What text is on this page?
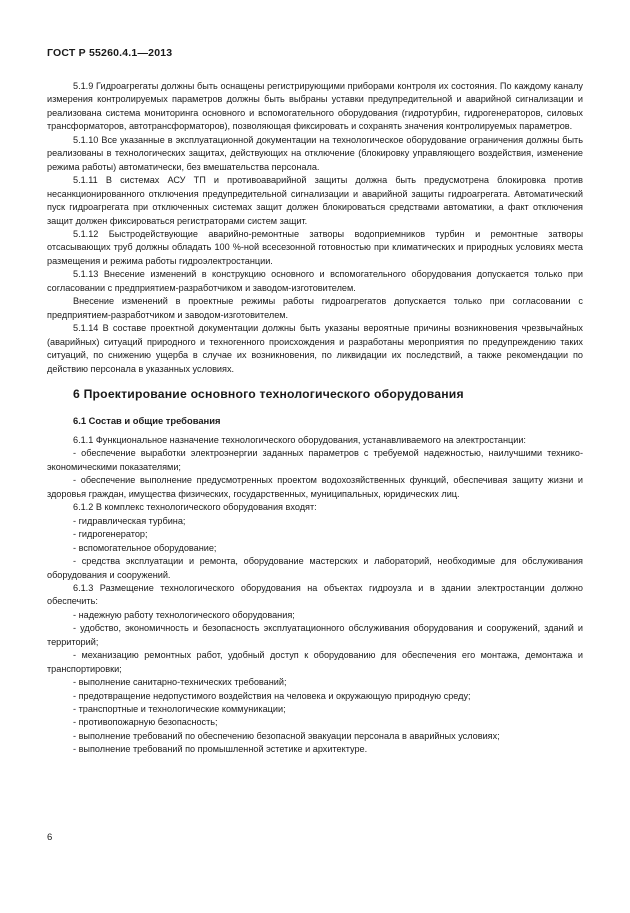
ГОСТ Р 55260.4.1—2013

5.1.9 Гидроагрегаты должны быть оснащены регистрирующими приборами контроля их состояния. По каждому каналу измерения контролируемых параметров должны быть выбраны уставки предупредительной и аварийной сигнализации и реализована система мониторинга основного и вспомогательного оборудования (гидротурбин, гидрогенераторов, силовых трансформаторов, автотрансформаторов), позволяющая фиксировать и сохранять значения контролируемых параметров.

5.1.10 Все указанные в эксплуатационной документации на технологическое оборудование ограничения должны быть реализованы в технологических защитах, действующих на отключение (блокировку управляющего воздействия, изменение режима работы) автоматически, без вмешательства персонала.

5.1.11 В системах АСУ ТП и противоаварийной защиты должна быть предусмотрена блокировка против несанкционированного отключения предупредительной сигнализации и аварийной защиты гидроагрегата. Автоматический пуск гидроагрегата при отключенных системах защит должен блокироваться средствами автоматики, а факт отключения защит должен фиксироваться регистраторами систем защит.

5.1.12 Быстродействующие аварийно-ремонтные затворы водоприемников турбин и ремонтные затворы отсасывающих труб должны обладать 100 %-ной всесезонной готовностью при климатических и природных условиях места размещения и режима работы гидроэлектростанции.

5.1.13 Внесение изменений в конструкцию основного и вспомогательного оборудования допускается только при согласовании с предприятием-разработчиком и заводом-изготовителем.

Внесение изменений в проектные режимы работы гидроагрегатов допускается только при согласовании с предприятием-разработчиком и заводом-изготовителем.

5.1.14 В составе проектной документации должны быть указаны вероятные причины возникновения чрезвычайных (аварийных) ситуаций природного и техногенного происхождения и разработаны мероприятия по предупреждению таких ситуаций, по снижению ущерба в случае их возникновения, по ликвидации их последствий, а также рекомендации по действию персонала в указанных условиях.

6 Проектирование основного технологического оборудования
6.1 Состав и общие требования

6.1.1 Функциональное назначение технологического оборудования, устанавливаемого на электростанции:

- обеспечение выработки электроэнергии заданных параметров с требуемой надежностью, наилучшими технико-экономическими показателями;

- обеспечение выполнение предусмотренных проектом водохозяйственных функций, обеспечивая защиту жизни и здоровья граждан, имущества физических, государственных, муниципальных, юридических лиц.

6.1.2 В комплекс технологического оборудования входят:

- гидравлическая турбина;

- гидрогенератор;

- вспомогательное оборудование;

- средства эксплуатации и ремонта, оборудование мастерских и лабораторий, необходимые для обслуживания оборудования и сооружений.

6.1.3 Размещение технологического оборудования на объектах гидроузла и в здании электростанции должно обеспечить:

- надежную работу технологического оборудования;

- удобство, экономичность и безопасность эксплуатационного обслуживания оборудования и сооружений, зданий и территорий;

- механизацию ремонтных работ, удобный доступ к оборудованию для обеспечения его монтажа, демонтажа и транспортировки;

- выполнение санитарно-технических требований;

- предотвращение недопустимого воздействия на человека и окружающую природную среду;

- транспортные и технологические коммуникации;

- противопожарную безопасность;

- выполнение требований по обеспечению безопасной эвакуации персонала в аварийных условиях;

- выполнение требований по промышленной эстетике и архитектуре.

6
